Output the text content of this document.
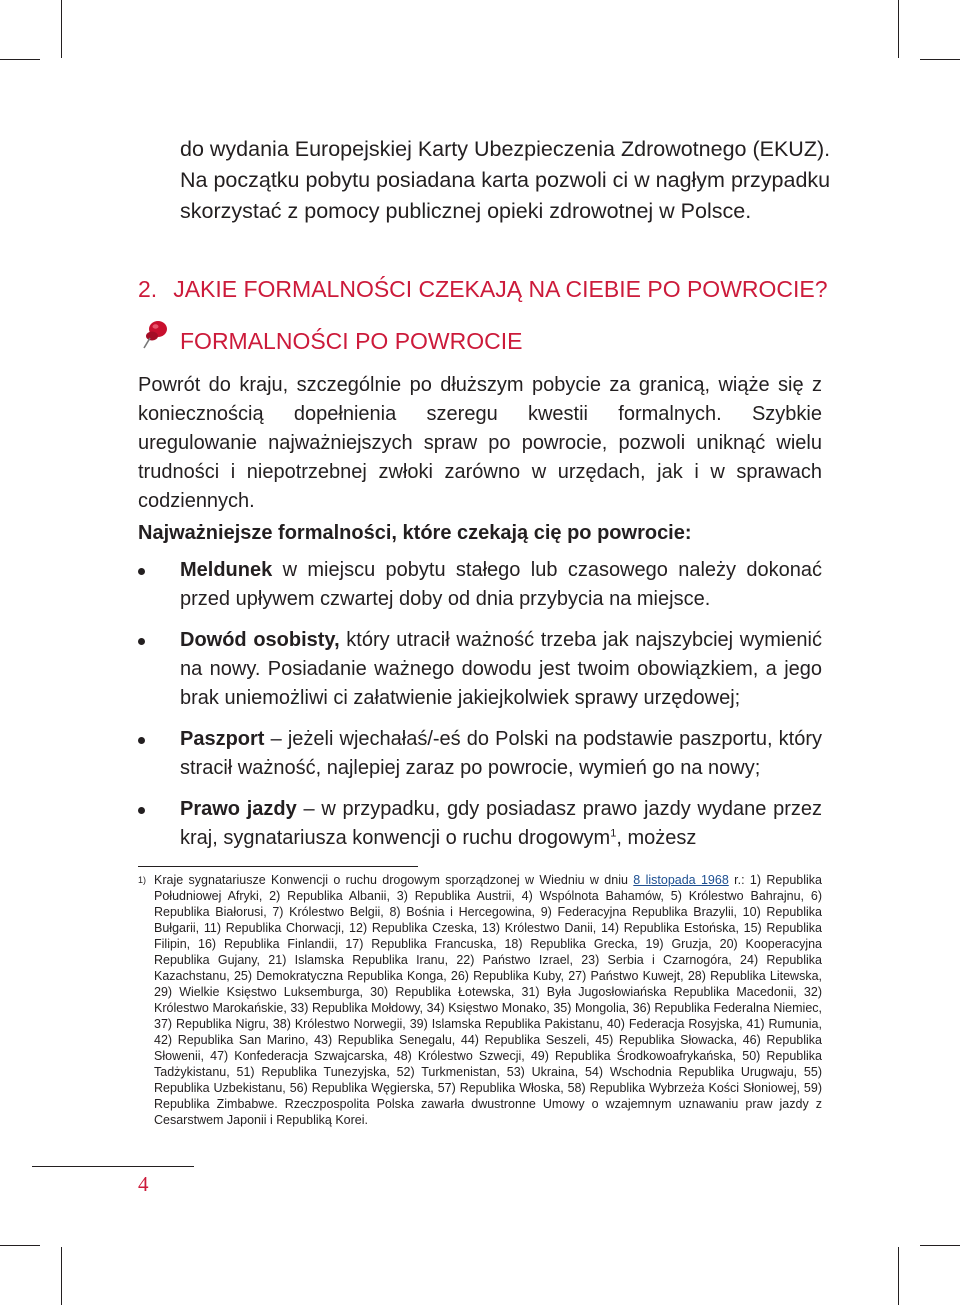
do wydania Europejskiej Karty Ubezpieczenia Zdrowotnego (EKUZ). Na początku pobytu posiadana karta pozwoli ci w nagłym przypadku skorzystać z pomocy publicznej opieki zdrowotnej w Polsce.

2. JAKIE FORMALNOŚCI CZEKAJĄ NA CIEBIE PO POWROCIE?
FORMALNOŚCI PO POWROCIE

Powrót do kraju, szczególnie po dłuższym pobycie za granicą, wiąże się z koniecznością dopełnienia szeregu kwestii formalnych. Szybkie uregulowanie najważniejszych spraw po powrocie, pozwoli uniknąć wielu trudności i niepotrzebnej zwłoki zarówno w urzędach, jak i w sprawach codziennych.

Najważniejsze formalności, które czekają cię po powrocie:

Meldunek w miejscu pobytu stałego lub czasowego należy dokonać przed upływem czwartej doby od dnia przybycia na miejsce.
Dowód osobisty, który utracił ważność trzeba jak najszybciej wymienić na nowy. Posiadanie ważnego dowodu jest twoim obowiązkiem, a jego brak uniemożliwi ci załatwienie jakiejkolwiek sprawy urzędowej;
Paszport – jeżeli wjechałaś/-eś do Polski na podstawie paszportu, który stracił ważność, najlepiej zaraz po powrocie, wymień go na nowy;
Prawo jazdy – w przypadku, gdy posiadasz prawo jazdy wydane przez kraj, sygnatariusza konwencji o ruchu drogowym$^1$, możesz
1) Kraje sygnatariusze Konwencji o ruchu drogowym sporządzonej w Wiedniu w dniu 8 listopada 1968 r.: 1) Republika Południowej Afryki, 2) Republika Albanii, 3) Republika Austrii, 4) Wspólnota Bahamów, 5) Królestwo Bahrajnu, 6) Republika Białorusi, 7) Królestwo Belgii, 8) Bośnia i Hercegowina, 9) Federacyjna Republika Brazylii, 10) Republika Bułgarii, 11) Republika Chorwacji, 12) Republika Czeska, 13) Królestwo Danii, 14) Republika Estońska, 15) Republika Filipin, 16) Republika Finlandii, 17) Republika Francuska, 18) Republika Grecka, 19) Gruzja, 20) Kooperacyjna Republika Gujany, 21) Islamska Republika Iranu, 22) Państwo Izrael, 23) Serbia i Czarnogóra, 24) Republika Kazachstanu, 25) Demokratyczna Republika Konga, 26) Republika Kuby, 27) Państwo Kuwejt, 28) Republika Litewska, 29) Wielkie Księstwo Luksemburga, 30) Republika Łotewska, 31) Była Jugosłowiańska Republika Macedonii, 32) Królestwo Marokańskie, 33) Republika Mołdowy, 34) Księstwo Monako, 35) Mongolia, 36) Republika Federalna Niemiec, 37) Republika Nigru, 38) Królestwo Norwegii, 39) Islamska Republika Pakistanu, 40) Federacja Rosyjska, 41) Rumunia, 42) Republika San Marino, 43) Republika Senegalu, 44) Republika Seszeli, 45) Republika Słowacka, 46) Republika Słowenii, 47) Konfederacja Szwajcarska, 48) Królestwo Szwecji, 49) Republika Środkowoafrykańska, 50) Republika Tadżykistanu, 51) Republika Tunezyjska, 52) Turkmenistan, 53) Ukraina, 54) Wschodnia Republika Urugwaju, 55) Republika Uzbekistanu, 56) Republika Węgierska, 57) Republika Włoska, 58) Republika Wybrzeża Kości Słoniowej, 59) Republika Zimbabwe. Rzeczpospolita Polska zawarła dwustronne Umowy o wzajemnym uznawaniu praw jazdy z Cesarstwem Japonii i Republiką Korei.

4
